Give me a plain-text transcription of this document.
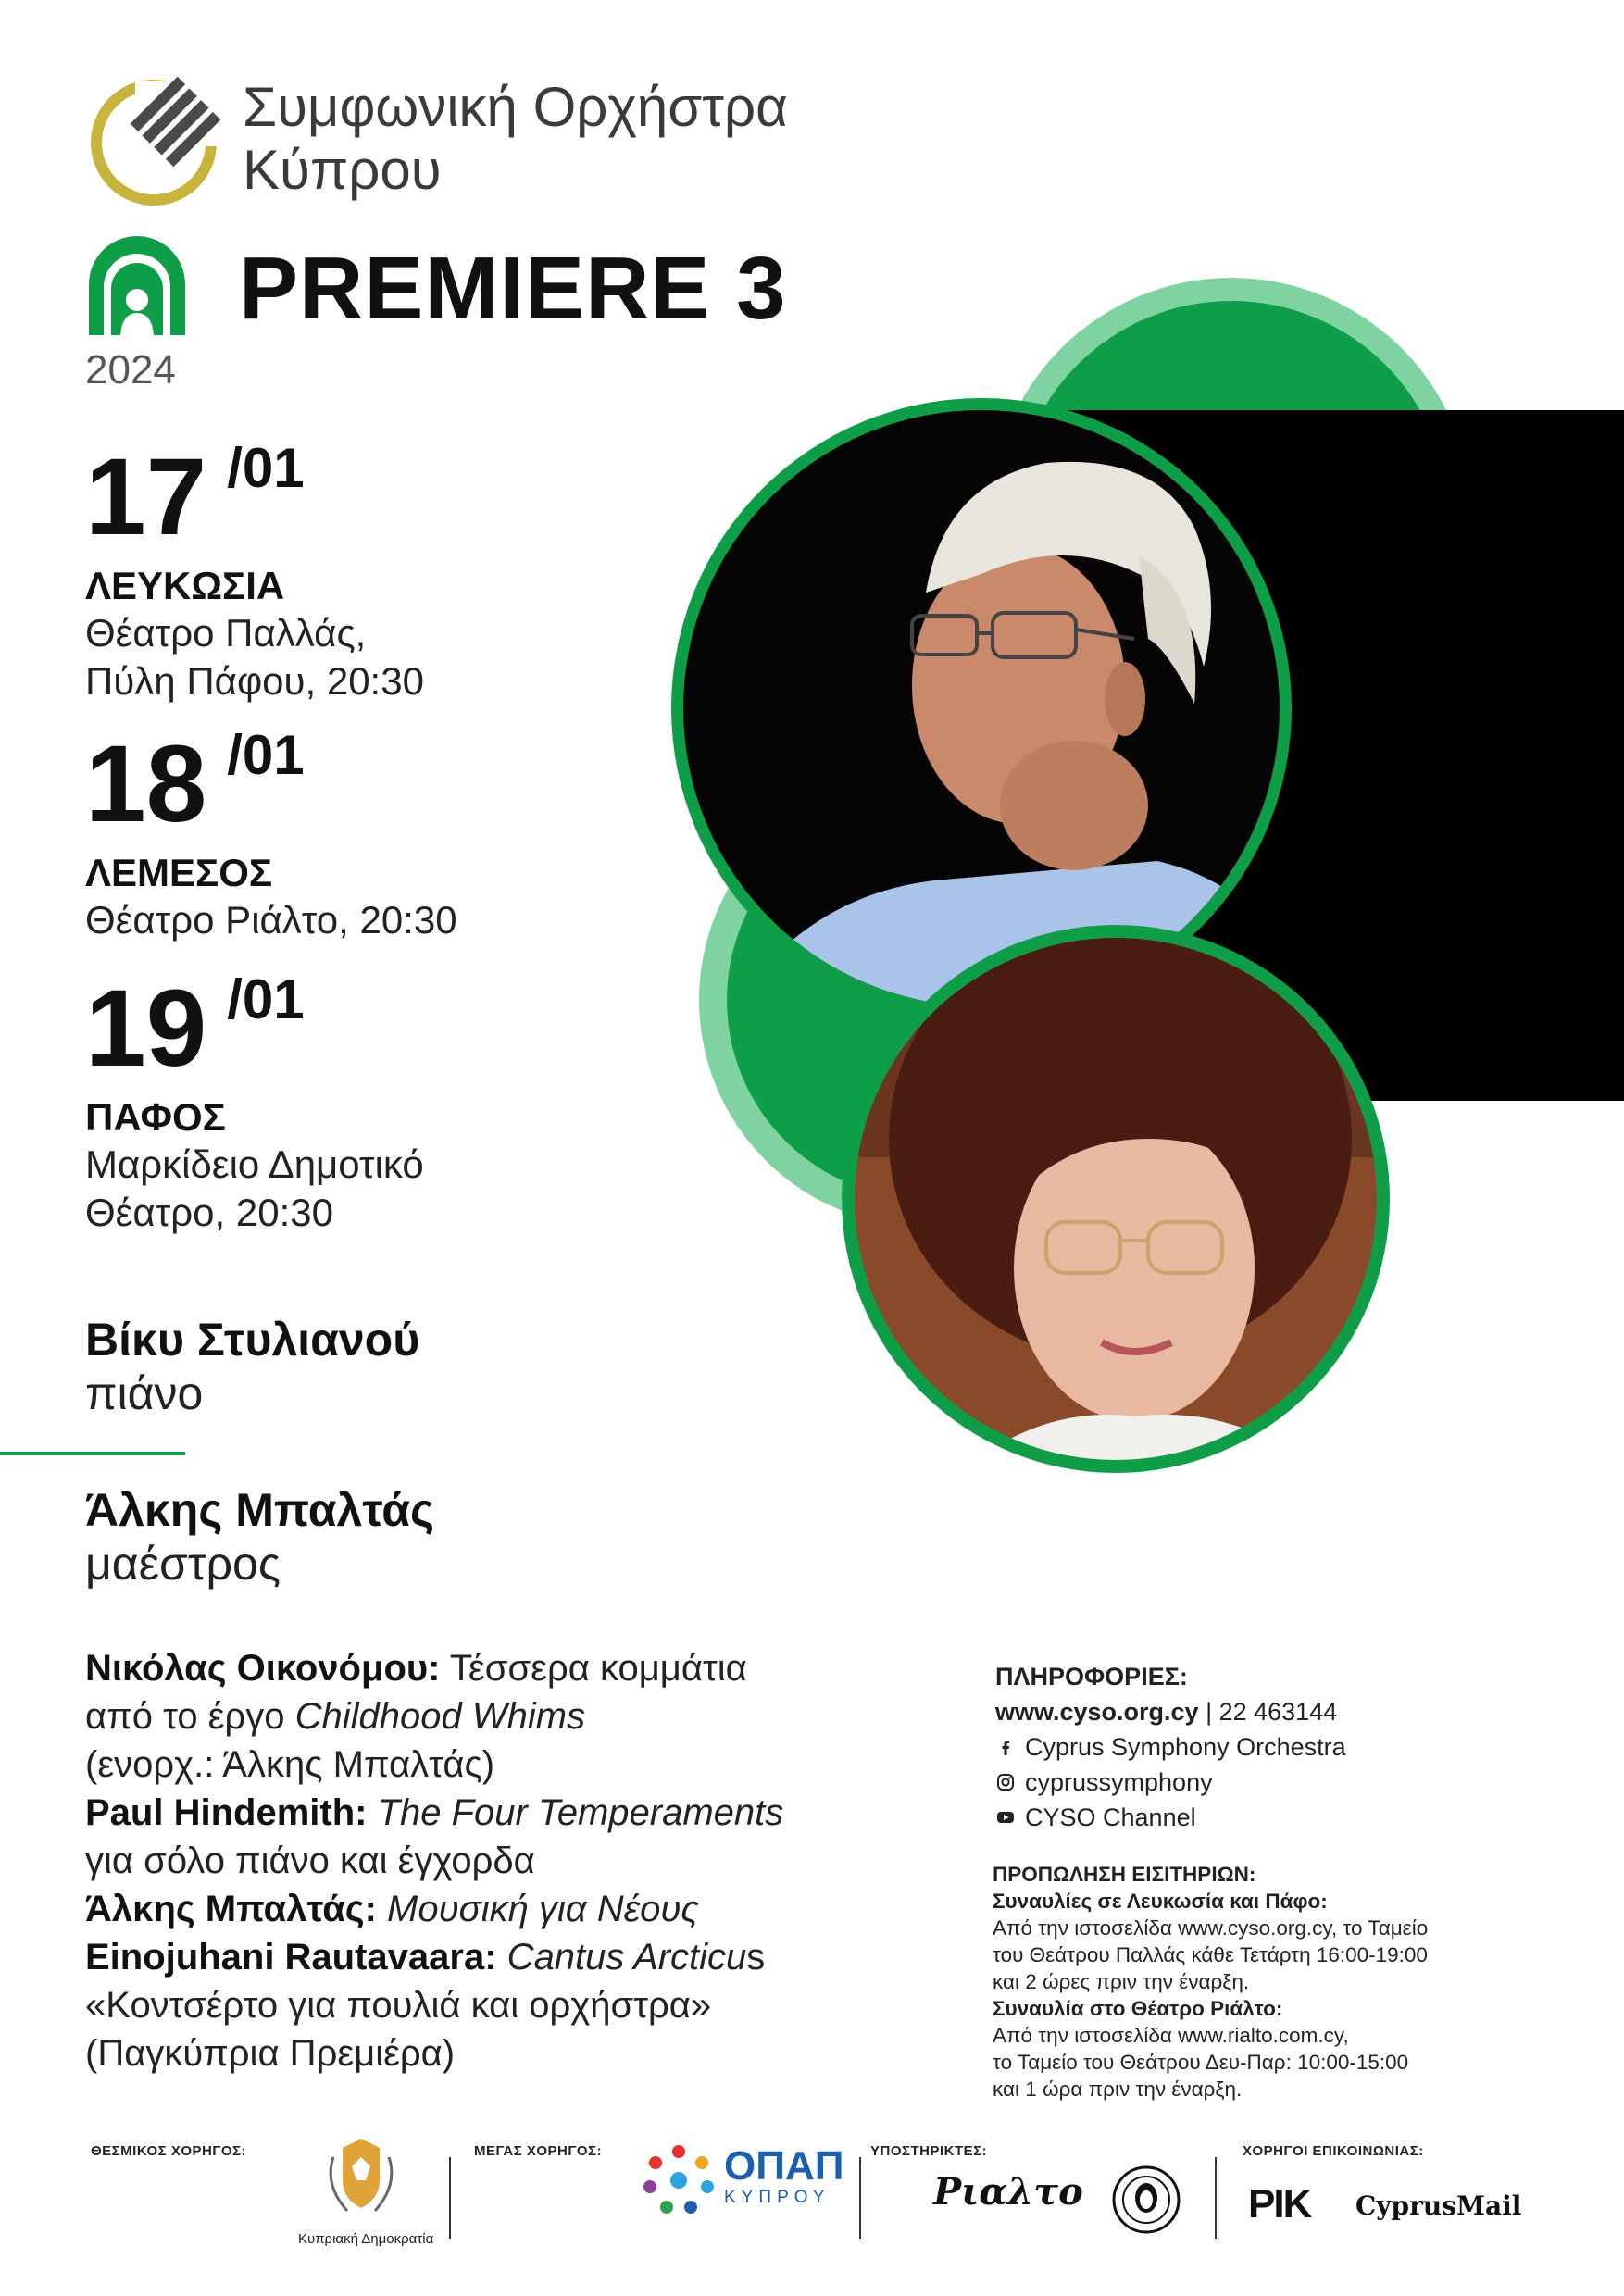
Συμφωνική Ορχήστρα
Κύπρου
PREMIERE 3
2024
17 /01
ΛΕΥΚΩΣΙΑ
Θέατρο Παλλάς,
Πύλη Πάφου, 20:30
18 /01
ΛΕΜΕΣΟΣ
Θέατρο Ριάλτο, 20:30
19 /01
ΠΑΦΟΣ
Μαρκίδειο Δημοτικό
Θέατρο, 20:30
Βίκυ Στυλιανού
πιάνο
Άλκης Μπαλτάς
μαέστρος
Νικόλας Οικονόμου: Τέσσερα κομμάτια
από το έργο Childhood Whims
(ενορχ.: Άλκης Μπαλτάς)
Paul Hindemith: The Four Temperaments
για σόλο πιάνο και έγχορδα
Άλκης Μπαλτάς: Μουσική για Νέους
Einojuhani Rautavaara: Cantus Arcticus
«Κοντσέρτο για πουλιά και ορχήστρα»
(Παγκύπρια Πρεμιέρα)
ΠΛΗΡΟΦΟΡΙΕΣ:
www.cyso.org.cy | 22 463144
Cyprus Symphony Orchestra
cyprussymphony
CYSO Channel
ΠΡΟΠΩΛΗΣΗ ΕΙΣΙΤΗΡΙΩΝ:
Συναυλίες σε Λευκωσία και Πάφο:
Από την ιστοσελίδα www.cyso.org.cy, το Ταμείο
του Θεάτρου Παλλάς κάθε Τετάρτη 16:00-19:00
και 2 ώρες πριν την έναρξη.
Συναυλία στο Θέατρο Ριάλτο:
Από την ιστοσελίδα www.rialto.com.cy,
το Ταμείο του Θεάτρου Δευ-Παρ: 10:00-15:00
και 1 ώρα πριν την έναρξη.
ΘΕΣΜΙΚΟΣ ΧΟΡΗΓΟΣ:
Κυπριακή Δημοκρατία
ΜΕΓΑΣ ΧΟΡΗΓΟΣ:	ΟΠΑΠ
ΚΥΠΡΟΥ
ΥΠΟΣΤΗΡΙΚΤΕΣ:
Ριαλτο
ΧΟΡΗΓΟΙ ΕΠΙΚΟΙΝΩΝΙΑΣ:
ΡΙΚ CyprusMail
